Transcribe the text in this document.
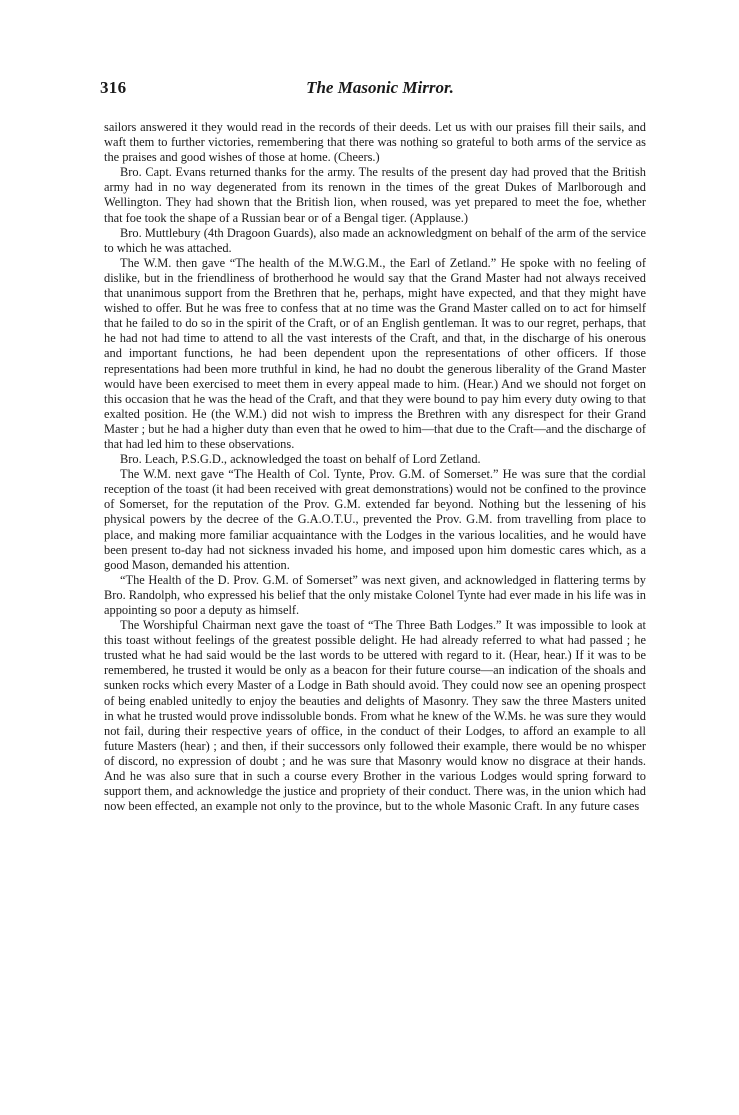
316	The Masonic Mirror.

sailors answered it they would read in the records of their deeds. Let us with our praises fill their sails, and waft them to further victories, remembering that there was nothing so grateful to both arms of the service as the praises and good wishes of those at home. (Cheers.)

Bro. Capt. Evans returned thanks for the army. The results of the present day had proved that the British army had in no way degenerated from its renown in the times of the great Dukes of Marlborough and Wellington. They had shown that the British lion, when roused, was yet prepared to meet the foe, whether that foe took the shape of a Russian bear or of a Bengal tiger. (Applause.)

Bro. Muttlebury (4th Dragoon Guards), also made an acknowledgment on behalf of the arm of the service to which he was attached.

The W.M. then gave “The health of the M.W.G.M., the Earl of Zetland.” He spoke with no feeling of dislike, but in the friendliness of brotherhood he would say that the Grand Master had not always received that unanimous support from the Brethren that he, perhaps, might have expected, and that they might have wished to offer. But he was free to confess that at no time was the Grand Master called on to act for himself that he failed to do so in the spirit of the Craft, or of an English gentleman. It was to our regret, perhaps, that he had not had time to attend to all the vast interests of the Craft, and that, in the discharge of his onerous and important functions, he had been dependent upon the representations of other officers. If those representations had been more truthful in kind, he had no doubt the generous liberality of the Grand Master would have been exercised to meet them in every appeal made to him. (Hear.) And we should not forget on this occasion that he was the head of the Craft, and that they were bound to pay him every duty owing to that exalted position. He (the W.M.) did not wish to impress the Brethren with any disrespect for their Grand Master ; but he had a higher duty than even that he owed to him—that due to the Craft—and the discharge of that had led him to these observations.

Bro. Leach, P.S.G.D., acknowledged the toast on behalf of Lord Zetland.

The W.M. next gave “The Health of Col. Tynte, Prov. G.M. of Somerset.” He was sure that the cordial reception of the toast (it had been received with great demonstrations) would not be confined to the province of Somerset, for the reputation of the Prov. G.M. extended far beyond. Nothing but the lessening of his physical powers by the decree of the G.A.O.T.U., prevented the Prov. G.M. from travelling from place to place, and making more familiar acquaintance with the Lodges in the various localities, and he would have been present to-day had not sickness invaded his home, and imposed upon him domestic cares which, as a good Mason, demanded his attention.

“The Health of the D. Prov. G.M. of Somerset” was next given, and acknowledged in flattering terms by Bro. Randolph, who expressed his belief that the only mistake Colonel Tynte had ever made in his life was in appointing so poor a deputy as himself.

The Worshipful Chairman next gave the toast of “The Three Bath Lodges.” It was impossible to look at this toast without feelings of the greatest possible delight. He had already referred to what had passed ; he trusted what he had said would be the last words to be uttered with regard to it. (Hear, hear.) If it was to be remembered, he trusted it would be only as a beacon for their future course—an indication of the shoals and sunken rocks which every Master of a Lodge in Bath should avoid. They could now see an opening prospect of being enabled unitedly to enjoy the beauties and delights of Masonry. They saw the three Masters united in what he trusted would prove indissoluble bonds. From what he knew of the W.Ms. he was sure they would not fail, during their respective years of office, in the conduct of their Lodges, to afford an example to all future Masters (hear) ; and then, if their successors only followed their example, there would be no whisper of discord, no expression of doubt ; and he was sure that Masonry would know no disgrace at their hands. And he was also sure that in such a course every Brother in the various Lodges would spring forward to support them, and acknowledge the justice and propriety of their conduct. There was, in the union which had now been effected, an example not only to the province, but to the whole Masonic Craft. In any future cases
